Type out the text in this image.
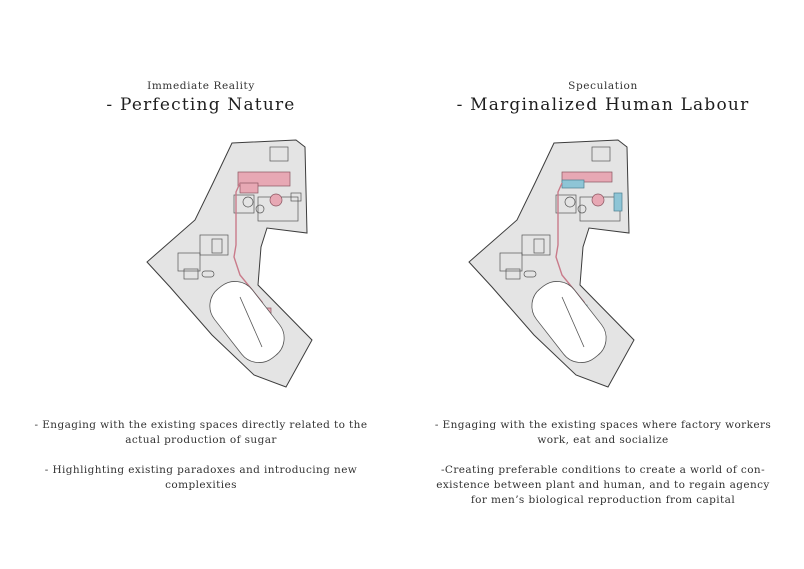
Immediate Reality
- Perfecting Nature

- Engaging with the existing spaces directly related to the actual production of sugar

- Highlighting existing paradoxes and introducing new complexities

Speculation
- Marginalized Human Labour

- Engaging with the existing spaces where factory workers work, eat and socialize

-Creating preferable conditions to create a world of con-existence between plant and human, and to regain agency for men’s biological reproduction from capital
